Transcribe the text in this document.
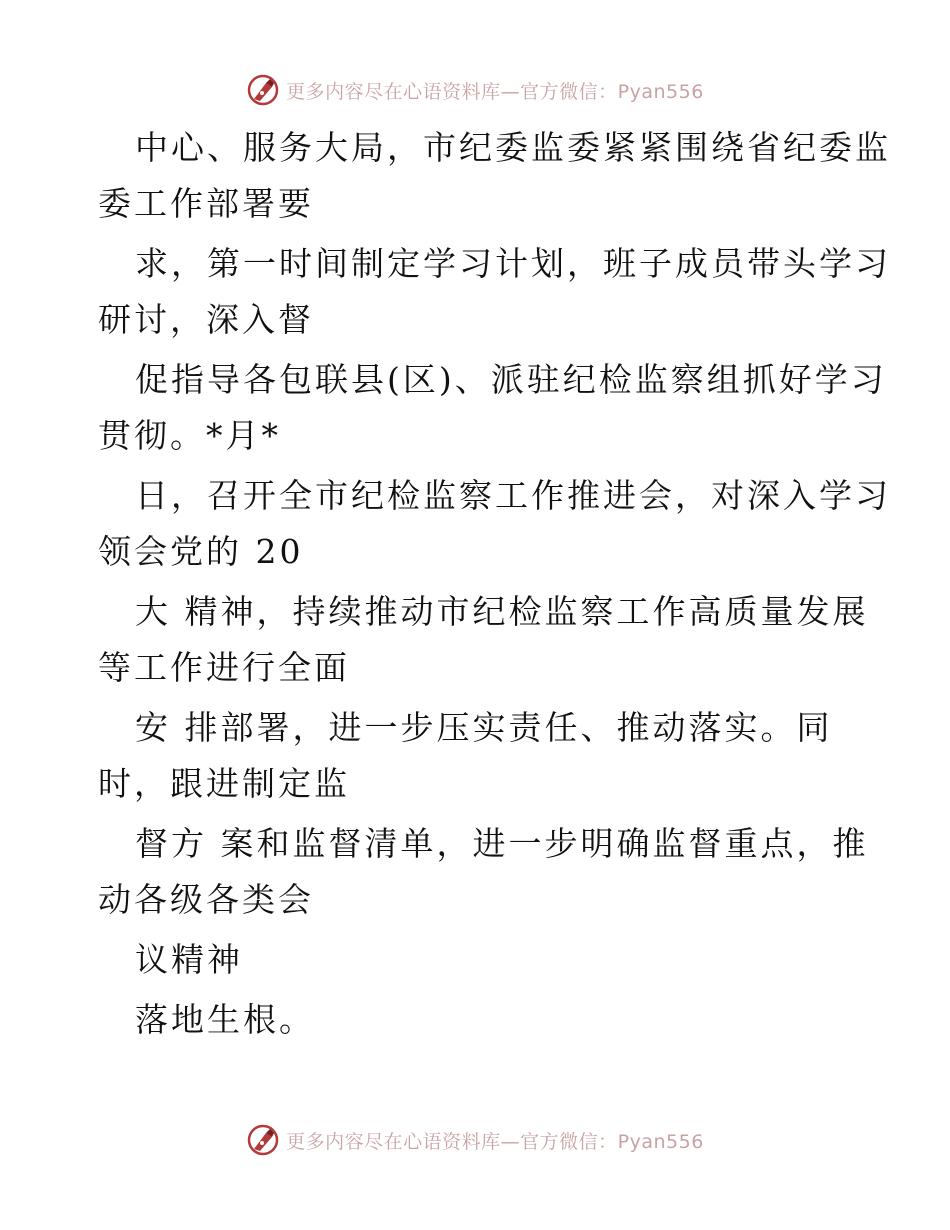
更多内容尽在心语资料库—官方微信：Pyan556
中心、服务大局，市纪委监委紧紧围绕省纪委监
委工作部署要
求，第一时间制定学习计划，班子成员带头学习
研讨，深入督
促指导各包联县(区)、派驻纪检监察组抓好学习
贯彻。*月*
日，召开全市纪检监察工作推进会，对深入学习
领会党的 20
大 精神，持续推动市纪检监察工作高质量发展
等工作进行全面
安 排部署，进一步压实责任、推动落实。同
时，跟进制定监
督方 案和监督清单，进一步明确监督重点，推
动各级各类会
议精神
落地生根。
更多内容尽在心语资料库—官方微信：Pyan556
